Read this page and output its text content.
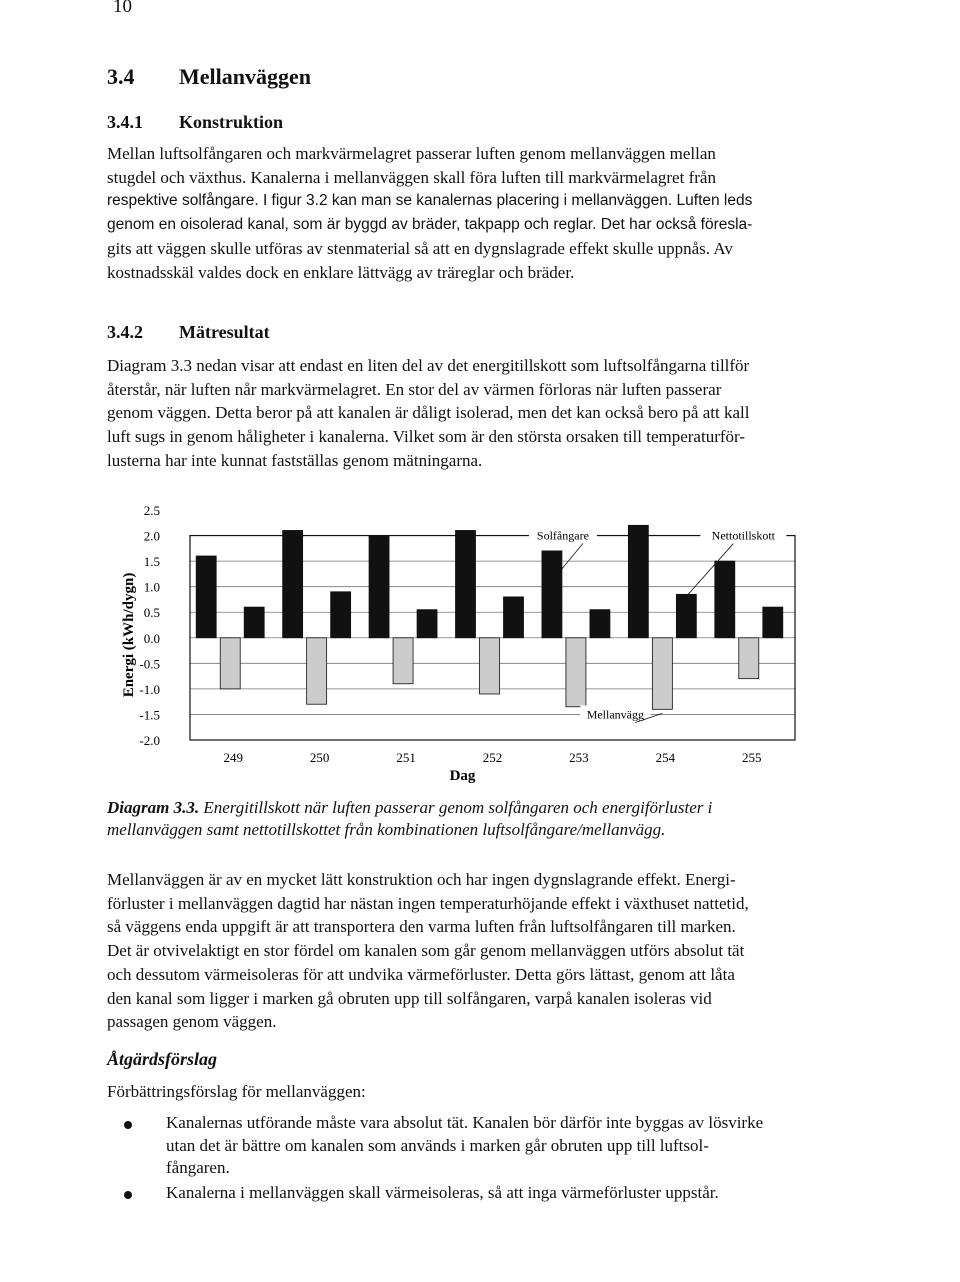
10
3.4 Mellanväggen
3.4.1 Konstruktion
Mellan luftsolfångaren och markvärmelagret passerar luften genom mellanväggen mellan
stugdel och växthus. Kanalerna i mellanväggen skall föra luften till markvärmelagret från
respektive solfångare. I figur 3.2 kan man se kanalernas placering i mellanväggen. Luften leds
genom en oisolerad kanal, som är byggd av bräder, takpapp och reglar. Det har också föresla-
gits att väggen skulle utföras av stenmaterial så att en dygnslagrade effekt skulle uppnås. Av
kostnadsskäl valdes dock en enklare lättvägg av träreglar och bräder.
3.4.2 Mätresultat
Diagram 3.3 nedan visar att endast en liten del av det energitillskott som luftsolfångarna tillför
återstår, när luften når markvärmelagret. En stor del av värmen förloras när luften passerar
genom väggen. Detta beror på att kanalen är dåligt isolerad, men det kan också bero på att kall
luft sugs in genom håligheter i kanalerna. Vilket som är den största orsaken till temperaturför-
lusterna har inte kunnat fastställas genom mätningarna.
2.5
2.0
1.5
1.0
0.5
0.0
-0.5
-1.0
-1.5
-2.0
249	250	251	252	253	254	255
Solfångare	Nettotillskott
Mellanvägg
Energi (kWh/dygn)
Dag
Diagram 3.3. Energitillskott när luften passerar genom solfångaren och energiförluster i
mellanväggen samt nettotillskottet från kombinationen luftsolfångare/mellanvägg.
Mellanväggen är av en mycket lätt konstruktion och har ingen dygnslagrande effekt. Energi-
förluster i mellanväggen dagtid har nästan ingen temperaturhöjande effekt i växthuset nattetid,
så väggens enda uppgift är att transportera den varma luften från luftsolfångaren till marken.
Det är otvivelaktigt en stor fördel om kanalen som går genom mellanväggen utförs absolut tät
och dessutom värmeisoleras för att undvika värmeförluster. Detta görs lättast, genom att låta
den kanal som ligger i marken gå obruten upp till solfångaren, varpå kanalen isoleras vid
passagen genom väggen.
Åtgärdsförslag
Förbättringsförslag för mellanväggen:
Kanalernas utförande måste vara absolut tät. Kanalen bör därför inte byggas av lösvirke
utan det är bättre om kanalen som används i marken går obruten upp till luftsol-
fångaren.
Kanalerna i mellanväggen skall värmeisoleras, så att inga värmeförluster uppstår.
